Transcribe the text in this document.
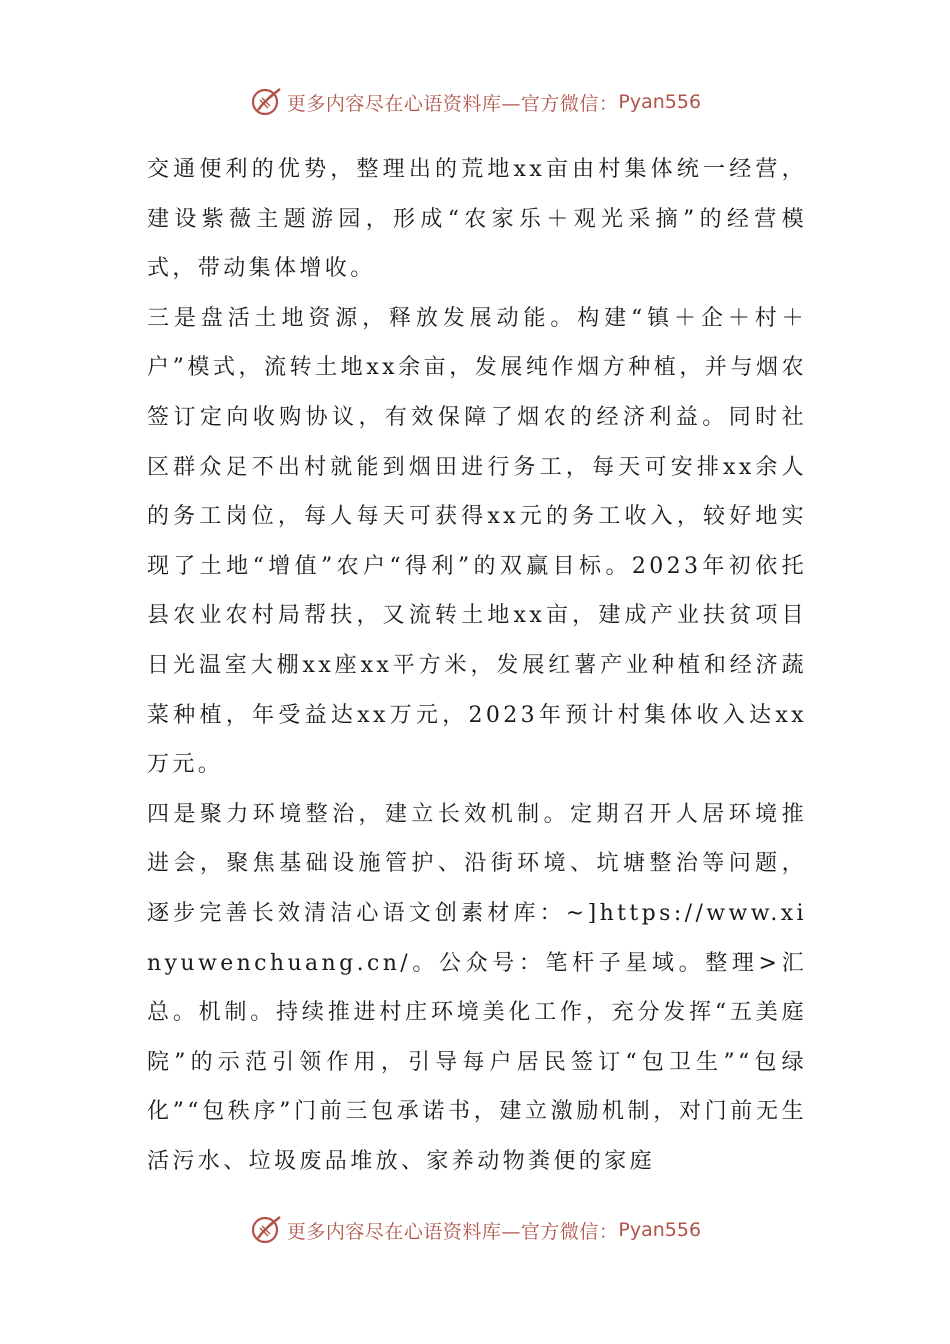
更多内容尽在心语资料库—官方微信： Pyan556

交通便利的优势，整理出的荒地xx亩由村集体统一经营，建设紫薇主题游园，形成“农家乐＋观光采摘”的经营模式，带动集体增收。

三是盘活土地资源，释放发展动能。构建“镇＋企＋村＋户”模式，流转土地xx余亩，发展纯作烟方种植，并与烟农签订定向收购协议，有效保障了烟农的经济利益。同时社区群众足不出村就能到烟田进行务工，每天可安排xx余人的务工岗位，每人每天可获得xx元的务工收入，较好地实现了土地“增值”农户“得利”的双赢目标。2023年初依托县农业农村局帮扶，又流转土地xx亩，建成产业扶贫项目日光温室大棚xx座xx平方米，发展红薯产业种植和经济蔬菜种植，年受益达xx万元，2023年预计村集体收入达xx万元。

四是聚力环境整治，建立长效机制。定期召开人居环境推进会，聚焦基础设施管护、沿街环境、坑塘整治等问题，逐步完善长效清洁心语文创素材库：~]https://www.xinyuwenchuang.cn/。公众号：笔杆子星域。整理>汇总。机制。持续推进村庄环境美化工作，充分发挥“五美庭院”的示范引领作用，引导每户居民签订“包卫生”“包绿化”“包秩序”门前三包承诺书，建立激励机制，对门前无生活污水、垃圾废品堆放、家养动物粪便的家庭

更多内容尽在心语资料库—官方微信： Pyan556
